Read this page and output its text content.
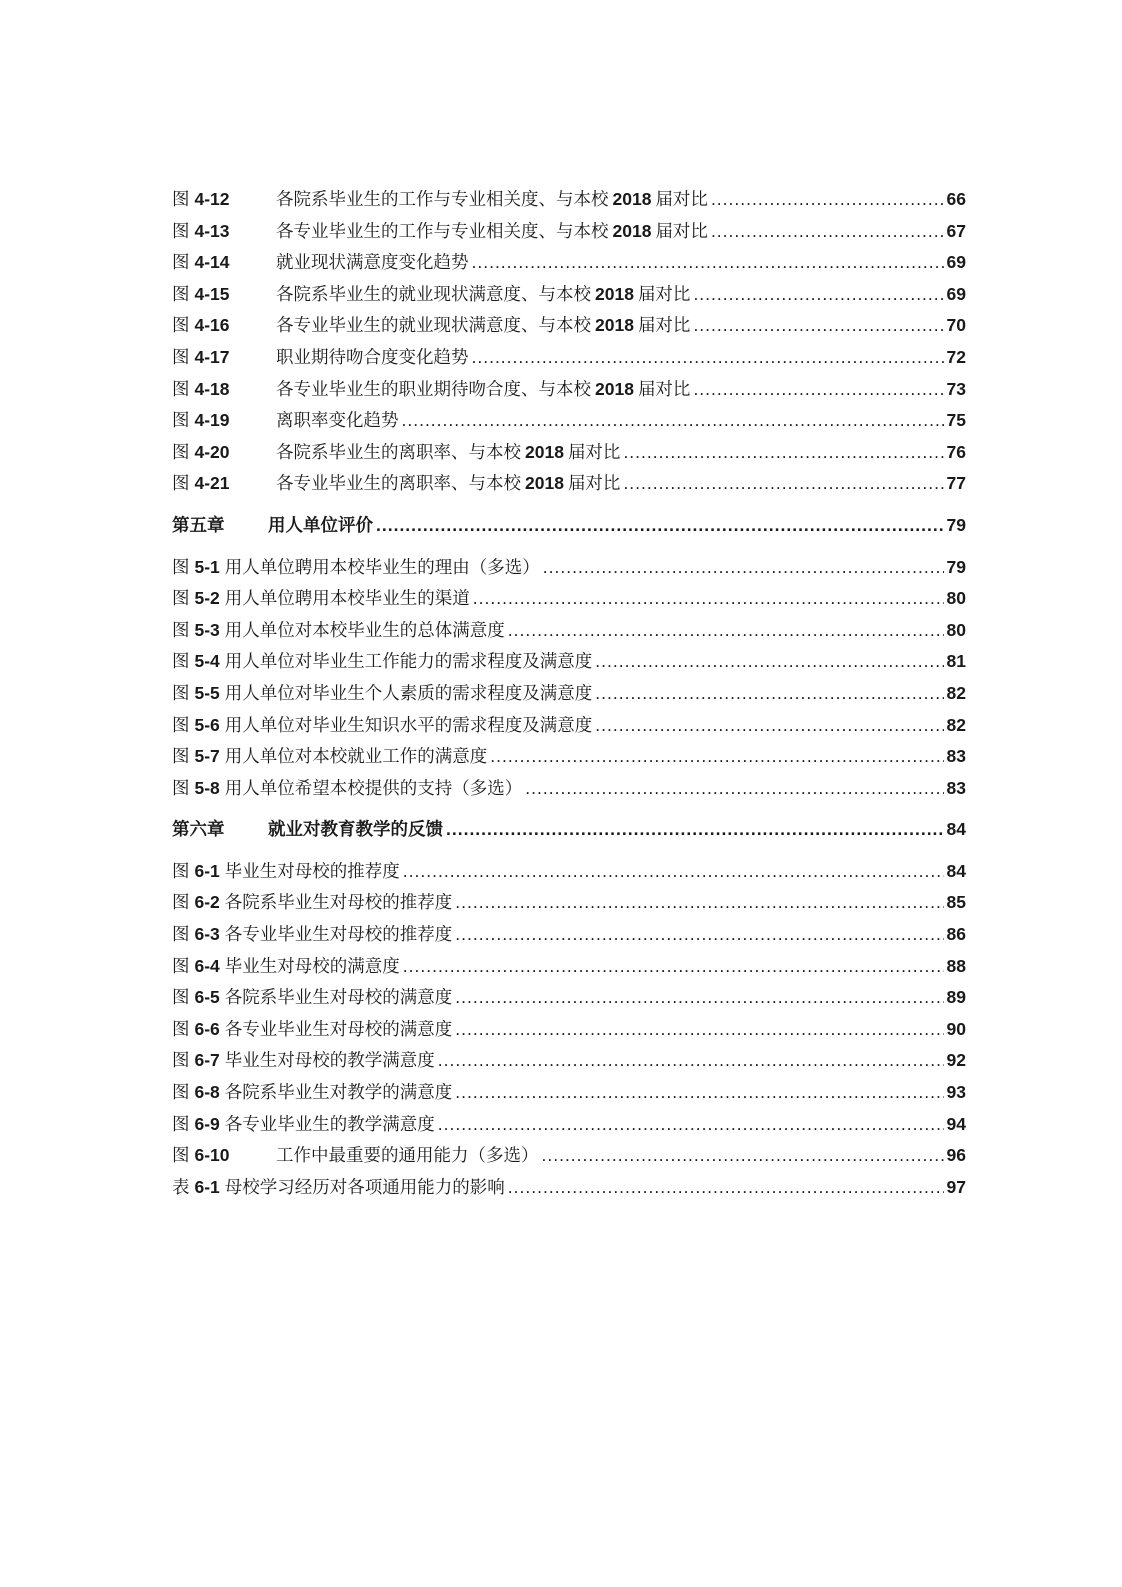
图 4-12	各院系毕业生的工作与专业相关度、与本校 2018 届对比 .....	66
图 4-13	各专业毕业生的工作与专业相关度、与本校 2018 届对比 .....	67
图 4-14	就业现状满意度变化趋势 .....	69
图 4-15	各院系毕业生的就业现状满意度、与本校 2018 届对比 .....	69
图 4-16	各专业毕业生的就业现状满意度、与本校 2018 届对比 .....	70
图 4-17	职业期待吻合度变化趋势 .....	72
图 4-18	各专业毕业生的职业期待吻合度、与本校 2018 届对比 .....	73
图 4-19	离职率变化趋势 .....	75
图 4-20	各院系毕业生的离职率、与本校 2018 届对比 .....	76
图 4-21	各专业毕业生的离职率、与本校 2018 届对比 .....	77
第五章	用人单位评价 .....	79
图 5-1 用人单位聘用本校毕业生的理由（多选） .....	79
图 5-2 用人单位聘用本校毕业生的渠道 .....	80
图 5-3 用人单位对本校毕业生的总体满意度 .....	80
图 5-4 用人单位对毕业生工作能力的需求程度及满意度 .....	81
图 5-5 用人单位对毕业生个人素质的需求程度及满意度 .....	82
图 5-6 用人单位对毕业生知识水平的需求程度及满意度 .....	82
图 5-7 用人单位对本校就业工作的满意度 .....	83
图 5-8 用人单位希望本校提供的支持（多选） .....	83
第六章	就业对教育教学的反馈 .....	84
图 6-1 毕业生对母校的推荐度 .....	84
图 6-2 各院系毕业生对母校的推荐度 .....	85
图 6-3 各专业毕业生对母校的推荐度 .....	86
图 6-4 毕业生对母校的满意度 .....	88
图 6-5 各院系毕业生对母校的满意度 .....	89
图 6-6 各专业毕业生对母校的满意度 .....	90
图 6-7 毕业生对母校的教学满意度 .....	92
图 6-8 各院系毕业生对教学的满意度 .....	93
图 6-9 各专业毕业生的教学满意度 .....	94
图 6-10	工作中最重要的通用能力（多选） .....	96
表 6-1 母校学习经历对各项通用能力的影响 .....	97
